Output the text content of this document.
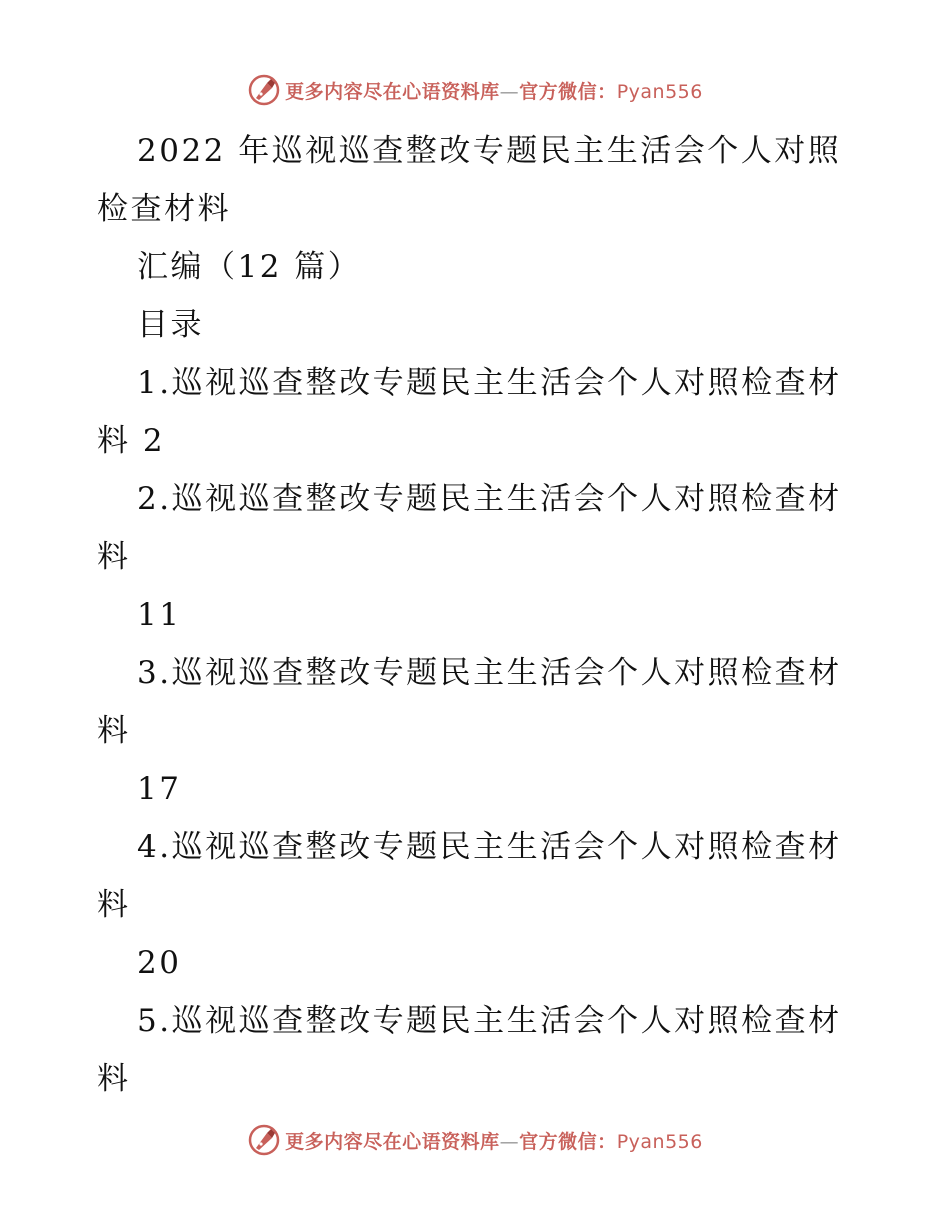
更多内容尽在心语资料库—官方微信：Pyan556
2022 年巡视巡查整改专题民主生活会个人对照
检查材料
汇编（12 篇）
目录
1.巡视巡查整改专题民主生活会个人对照检查材
料 2
2.巡视巡查整改专题民主生活会个人对照检查材
料
11
3.巡视巡查整改专题民主生活会个人对照检查材
料
17
4.巡视巡查整改专题民主生活会个人对照检查材
料
20
5.巡视巡查整改专题民主生活会个人对照检查材
料
更多内容尽在心语资料库—官方微信：Pyan556
